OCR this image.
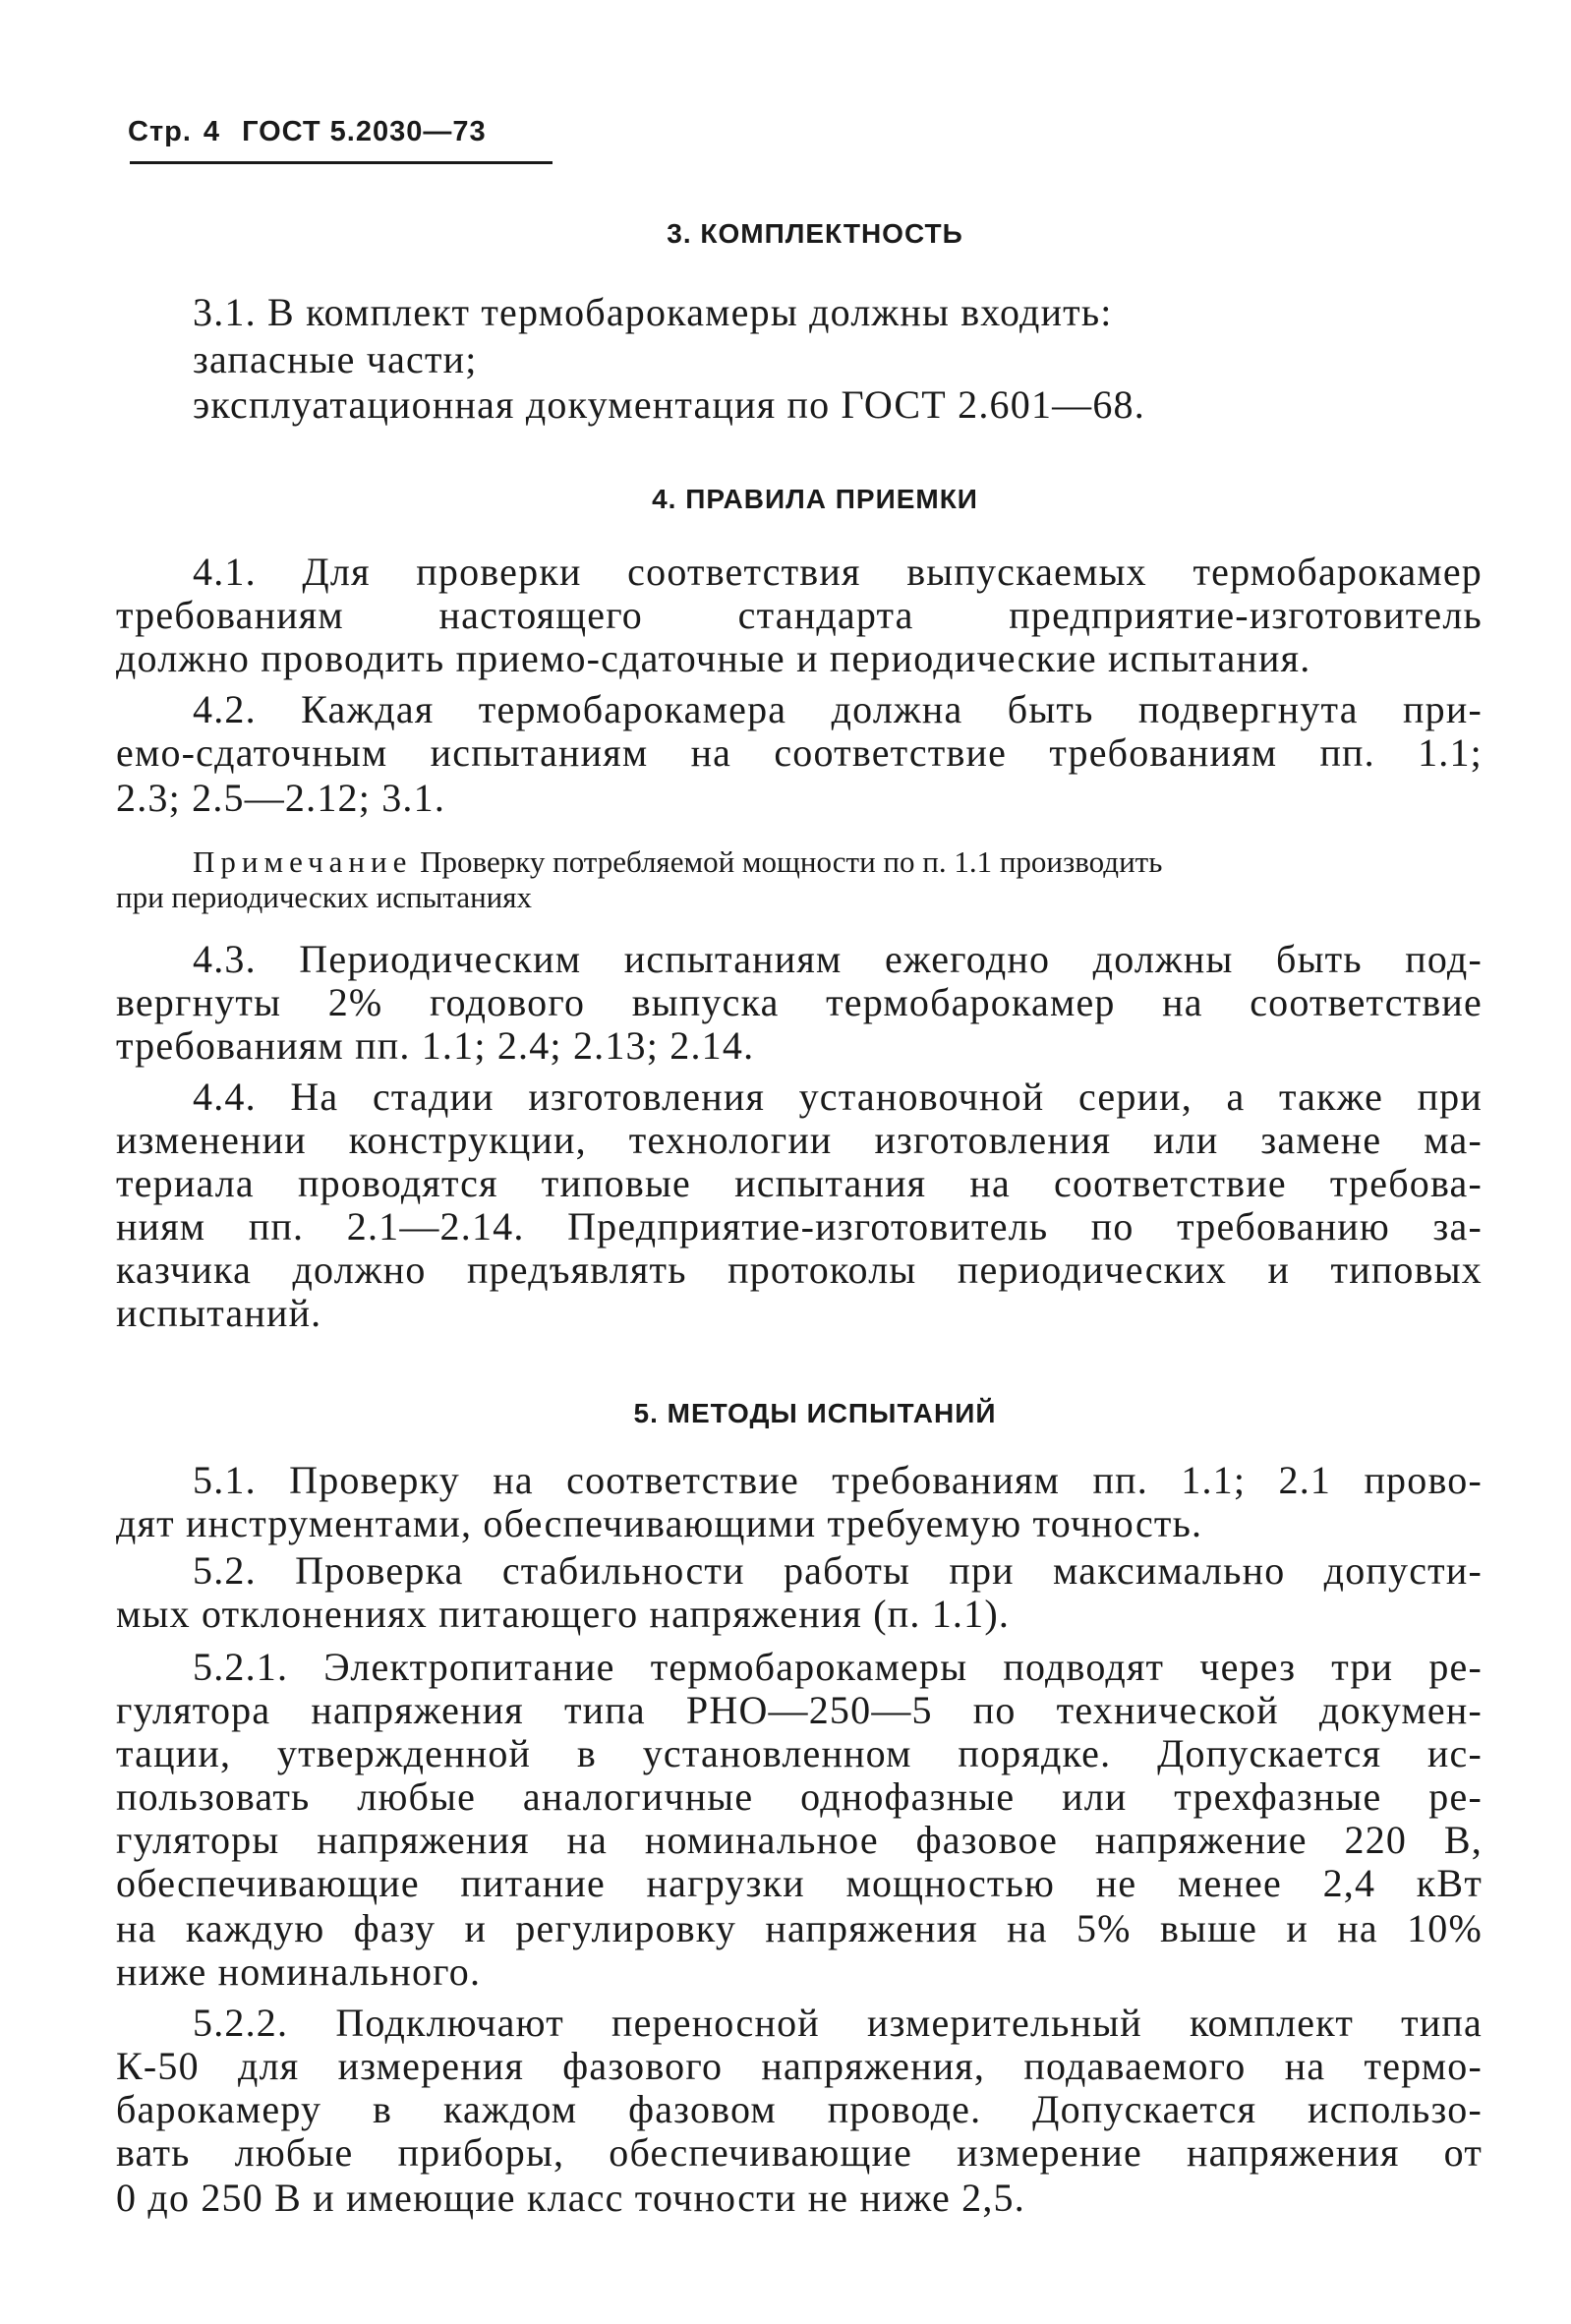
Стр. 4 ГОСТ 5.2030—73
3. КОМПЛЕКТНОСТЬ
3.1. В комплект термобарокамеры должны входить:
запасные части;
эксплуатационная документация по ГОСТ 2.601—68.
4. ПРАВИЛА ПРИЕМКИ
4.1. Для проверки соответствия выпускаемых термобарокамер
требованиям настоящего стандарта предприятие-изготовитель
должно проводить приемо-сдаточные и периодические испытания.
4.2. Каждая термобарокамера должна быть подвергнута при-
емо-сдаточным испытаниям на соответствие требованиям пп. 1.1;
2.3; 2.5—2.12; 3.1.
Примечание Проверку потребляемой мощности по п. 1.1 производить
при периодических испытаниях
4.3. Периодическим испытаниям ежегодно должны быть под-
вергнуты 2% годового выпуска термобарокамер на соответствие
требованиям пп. 1.1; 2.4; 2.13; 2.14.
4.4. На стадии изготовления установочной серии, а также при
изменении конструкции, технологии изготовления или замене ма-
териала проводятся типовые испытания на соответствие требова-
ниям пп. 2.1—2.14. Предприятие-изготовитель по требованию за-
казчика должно предъявлять протоколы периодических и типовых
испытаний.
5. МЕТОДЫ ИСПЫТАНИЙ
5.1. Проверку на соответствие требованиям пп. 1.1; 2.1 прово-
дят инструментами, обеспечивающими требуемую точность.
5.2. Проверка стабильности работы при максимально допусти-
мых отклонениях питающего напряжения (п. 1.1).
5.2.1. Электропитание термобарокамеры подводят через три ре-
гулятора напряжения типа РНО—250—5 по технической докумен-
тации, утвержденной в установленном порядке. Допускается ис-
пользовать любые аналогичные однофазные или трехфазные ре-
гуляторы напряжения на номинальное фазовое напряжение 220 В,
обеспечивающие питание нагрузки мощностью не менее 2,4 кВт
на каждую фазу и регулировку напряжения на 5% выше и на 10%
ниже номинального.
5.2.2. Подключают переносной измерительный комплект типа
К-50 для измерения фазового напряжения, подаваемого на термо-
барокамеру в каждом фазовом проводе. Допускается использо-
вать любые приборы, обеспечивающие измерение напряжения от
0 до 250 В и имеющие класс точности не ниже 2,5.
